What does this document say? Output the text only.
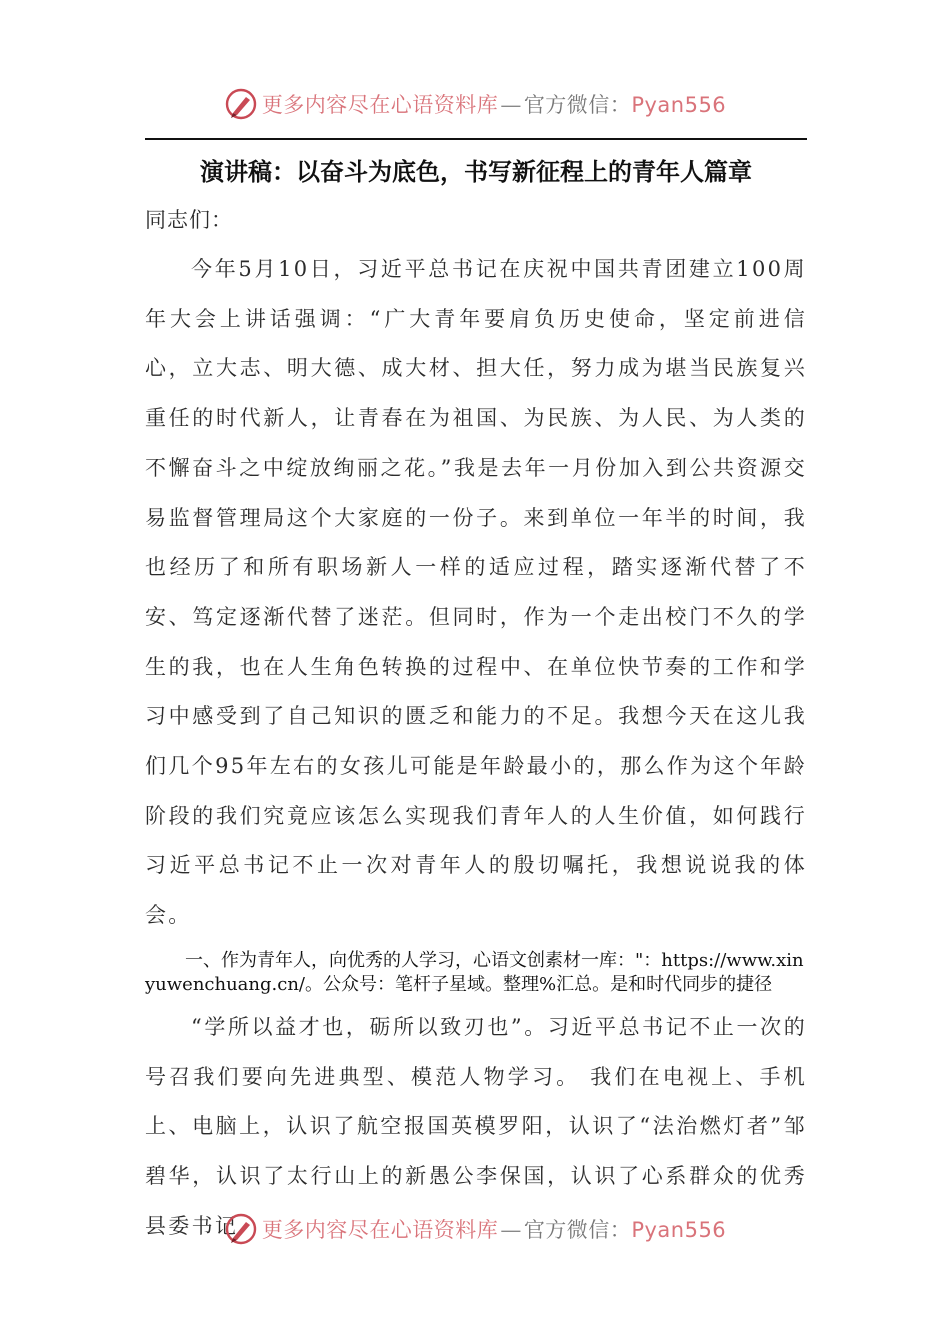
更多内容尽在心语资料库—官方微信：Pyan556
演讲稿：以奋斗为底色，书写新征程上的青年人篇章

同志们：

今年5月10日，习近平总书记在庆祝中国共青团建立100周年大会上讲话强调：“广大青年要肩负历史使命，坚定前进信心，立大志、明大德、成大材、担大任，努力成为堪当民族复兴重任的时代新人，让青春在为祖国、为民族、为人民、为人类的不懈奋斗之中绽放绚丽之花。”我是去年一月份加入到公共资源交易监督管理局这个大家庭的一份子。来到单位一年半的时间，我也经历了和所有职场新人一样的适应过程，踏实逐渐代替了不安、笃定逐渐代替了迷茫。但同时，作为一个走出校门不久的学生的我，也在人生角色转换的过程中、在单位快节奏的工作和学习中感受到了自己知识的匮乏和能力的不足。我想今天在这儿我们几个95年左右的女孩儿可能是年龄最小的，那么作为这个年龄阶段的我们究竟应该怎么实现我们青年人的人生价值，如何践行习近平总书记不止一次对青年人的殷切嘱托，我想说说我的体会。

一、作为青年人，向优秀的人学习，心语文创素材一库："：https://www.xinyuwenchuang.cn/。公众号：笔杆子星域。整理%汇总。是和时代同步的捷径

“学所以益才也，砺所以致刃也”。习近平总书记不止一次的号召我们要向先进典型、模范人物学习。 我们在电视上、手机上、电脑上，认识了航空报国英模罗阳，认识了“法治燃灯者”邹碧华，认识了太行山上的新愚公李保国，认识了心系群众的优秀县委书记	更多内容尽在心语资料库—官方微信：Pyan556
